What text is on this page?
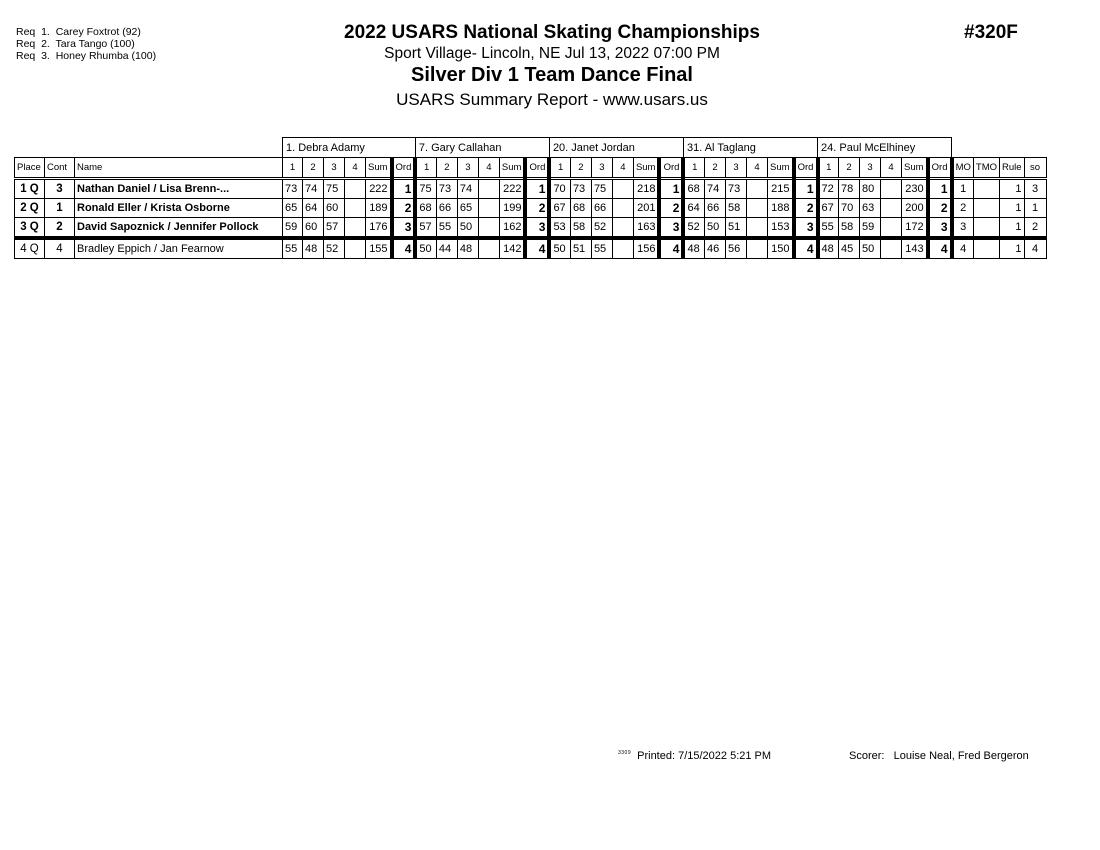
Req  1.  Carey Foxtrot (92)
Req  2.  Tara Tango (100)
Req  3.  Honey Rhumba (100)
2022 USARS National Skating Championships
Sport Village- Lincoln, NE Jul 13, 2022 07:00 PM
Silver Div 1 Team Dance Final
USARS Summary Report - www.usars.us
#320F
			1. Debra Adamy						7. Gary Callahan						20. Janet Jordan						31. Al Taglang						24. Paul McElhiney									
Place	Cont	Name	1	2	3	4	Sum	Ord	1	2	3	4	Sum	Ord	1	2	3	4	Sum	Ord	1	2	3	4	Sum	Ord	1	2	3	4	Sum	Ord	MO	TMO	Rule	so
1 Q	3	Nathan Daniel / Lisa Brenn-...	73	74	75		222	1	75	73	74		222	1	70	73	75		218	1	68	74	73		215	1	72	78	80		230	1	1		1	3
2 Q	1	Ronald Eller / Krista Osborne	65	64	60		189	2	68	66	65		199	2	67	68	66		201	2	64	66	58		188	2	67	70	63		200	2	2		1	1
3 Q	2	David Sapoznick / Jennifer Pollock	59	60	57		176	3	57	55	50		162	3	53	58	52		163	3	52	50	51		153	3	55	58	59		172	3	3		1	2
4 Q	4	Bradley Eppich / Jan Fearnow	55	48	52		155	4	50	44	48		142	4	50	51	55		156	4	48	46	56		150	4	48	45	50		143	4	4		1	4
$^{3309}$ Printed: 7/15/2022 5:21 PM	Scorer:   Louise Neal, Fred Bergeron
